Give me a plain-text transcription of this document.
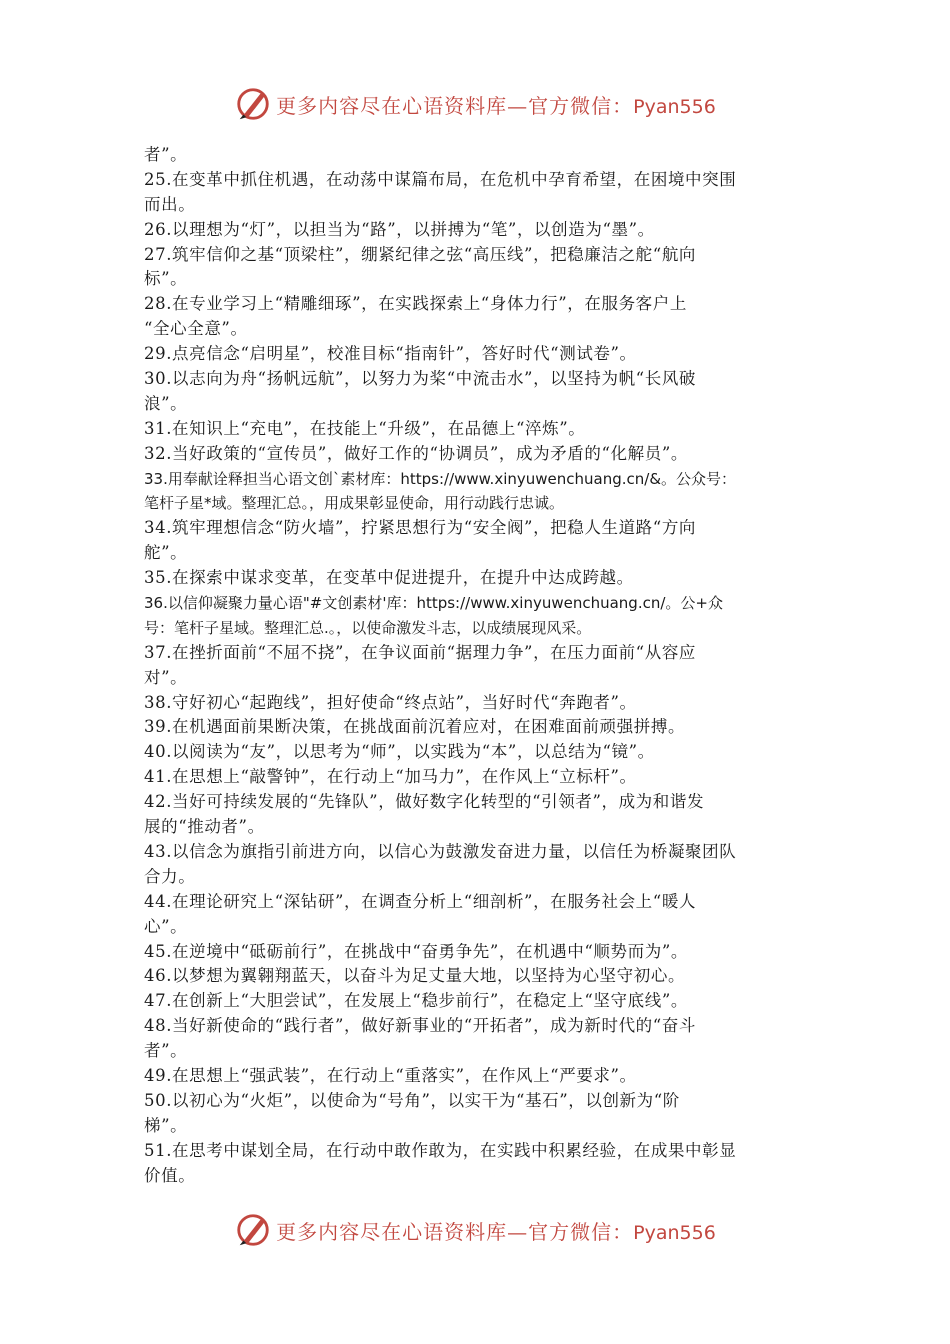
更多内容尽在心语资料库—官方微信：Pyan556
者”。
25.在变革中抓住机遇，在动荡中谋篇布局，在危机中孕育希望，在困境中突围
而出。
26.以理想为“灯”，以担当为“路”，以拼搏为“笔”，以创造为“墨”。
27.筑牢信仰之基“顶梁柱”，绷紧纪律之弦“高压线”，把稳廉洁之舵“航向
标”。
28.在专业学习上“精雕细琢”，在实践探索上“身体力行”，在服务客户上
“全心全意”。
29.点亮信念“启明星”，校准目标“指南针”，答好时代“测试卷”。
30.以志向为舟“扬帆远航”，以努力为桨“中流击水”，以坚持为帆“长风破
浪”。
31.在知识上“充电”，在技能上“升级”，在品德上“淬炼”。
32.当好政策的“宣传员”，做好工作的“协调员”，成为矛盾的“化解员”。
33.用奉献诠释担当心语文创`素材库：https://www.xinyuwenchuang.cn/&。公众号：
笔杆子星*域。整理汇总。，用成果彰显使命，用行动践行忠诚。
34.筑牢理想信念“防火墙”，拧紧思想行为“安全阀”，把稳人生道路“方向
舵”。
35.在探索中谋求变革，在变革中促进提升，在提升中达成跨越。
36.以信仰凝聚力量心语"#文创素材'库：https://www.xinyuwenchuang.cn/。公+众
号：笔杆子星域。整理汇总.。，以使命激发斗志，以成绩展现风采。
37.在挫折面前“不屈不挠”，在争议面前“据理力争”，在压力面前“从容应
对”。
38.守好初心“起跑线”，担好使命“终点站”，当好时代“奔跑者”。
39.在机遇面前果断决策，在挑战面前沉着应对，在困难面前顽强拼搏。
40.以阅读为“友”，以思考为“师”，以实践为“本”，以总结为“镜”。
41.在思想上“敲警钟”，在行动上“加马力”，在作风上“立标杆”。
42.当好可持续发展的“先锋队”，做好数字化转型的“引领者”，成为和谐发
展的“推动者”。
43.以信念为旗指引前进方向，以信心为鼓激发奋进力量，以信任为桥凝聚团队
合力。
44.在理论研究上“深钻研”，在调查分析上“细剖析”，在服务社会上“暖人
心”。
45.在逆境中“砥砺前行”，在挑战中“奋勇争先”，在机遇中“顺势而为”。
46.以梦想为翼翱翔蓝天，以奋斗为足丈量大地，以坚持为心坚守初心。
47.在创新上“大胆尝试”，在发展上“稳步前行”，在稳定上“坚守底线”。
48.当好新使命的“践行者”，做好新事业的“开拓者”，成为新时代的“奋斗
者”。
49.在思想上“强武装”，在行动上“重落实”，在作风上“严要求”。
50.以初心为“火炬”，以使命为“号角”，以实干为“基石”，以创新为“阶
梯”。
51.在思考中谋划全局，在行动中敢作敢为，在实践中积累经验，在成果中彰显
价值。
更多内容尽在心语资料库—官方微信：Pyan556
